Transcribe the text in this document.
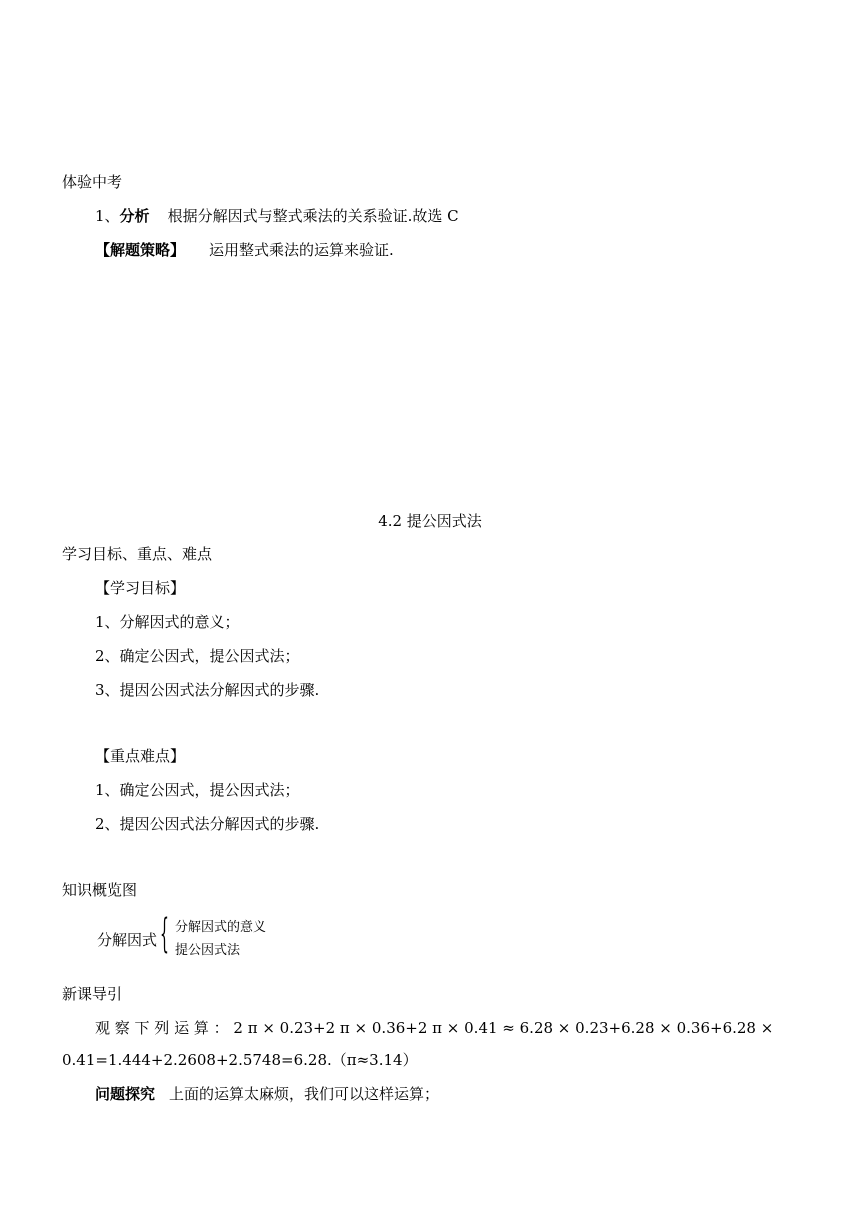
体验中考
1、分析 根据分解因式与整式乘法的关系验证.故选 C
【解题策略】 运用整式乘法的运算来验证.
4.2 提公因式法
学习目标、重点、难点
【学习目标】
1、分解因式的意义；
2、确定公因式，提公因式法；
3、提因公因式法分解因式的步骤.
【重点难点】
1、确定公因式，提公因式法；
2、提因公因式法分解因式的步骤.
知识概览图
分解因式 { 分解因式的意义
提公因式法
新课导引
观 察 下 列 运 算 ： 2 π × 0.23+2 π × 0.36+2 π × 0.41 ≈ 6.28 × 0.23+6.28 × 0.36+6.28 ×
0.41=1.444+2.2608+2.5748=6.28.（π≈3.14）
问题探究 上面的运算太麻烦，我们可以这样运算；
